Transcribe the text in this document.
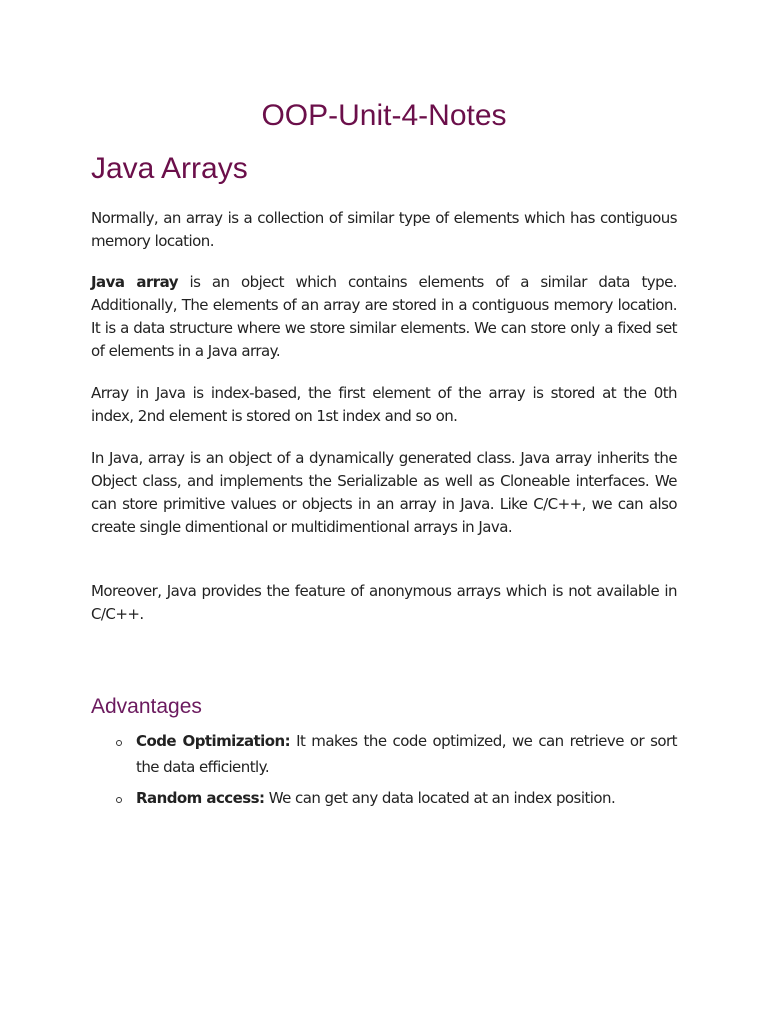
OOP-Unit-4-Notes
Java Arrays

Normally, an array is a collection of similar type of elements which has contiguous memory location.

Java array is an object which contains elements of a similar data type. Additionally, The elements of an array are stored in a contiguous memory location. It is a data structure where we store similar elements. We can store only a fixed set of elements in a Java array.

Array in Java is index-based, the first element of the array is stored at the 0th index, 2nd element is stored on 1st index and so on.

In Java, array is an object of a dynamically generated class. Java array inherits the Object class, and implements the Serializable as well as Cloneable interfaces. We can store primitive values or objects in an array in Java. Like C/C++, we can also create single dimentional or multidimentional arrays in Java.

Moreover, Java provides the feature of anonymous arrays which is not available in C/C++.

Advantages
Code Optimization: It makes the code optimized, we can retrieve or sort the data efficiently.
Random access: We can get any data located at an index position.
